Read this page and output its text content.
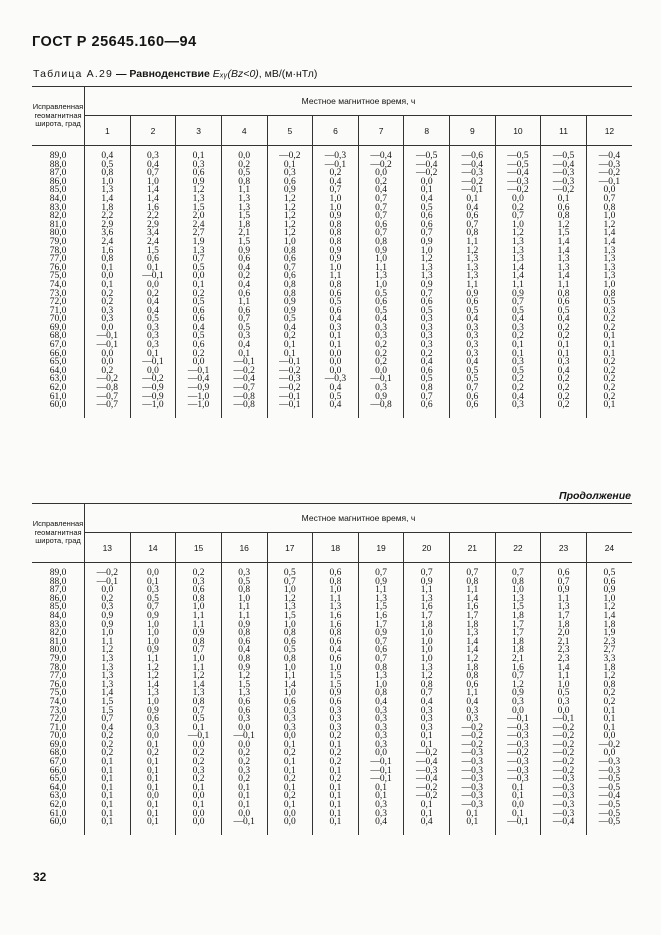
ГОСТ Р 25645.160—94
Таблица А.29 — Равноденствие Eₓᵧ(Bz<0), мВ/(м·нТл)
Исправленная геомагнитная широта, град	Местное магнитное время, ч											
	1	2	3	4	5	6	7	8	9	10	11	12
89,0	0,4	0,3	0,1	0,0	—0,2	—0,3	—0,4	—0,5	—0,6	—0,5	—0,5	—0,4
88,0	0,5	0,4	0,3	0,2	0,1	—0,1	—0,2	—0,4	—0,4	—0,5	—0,4	—0,3
87,0	0,8	0,7	0,6	0,5	0,3	0,2	0,0	—0,2	—0,3	—0,4	—0,3	—0,2
86,0	1,0	1,0	0,9	0,8	0,6	0,4	0,2	0,0	—0,2	—0,3	—0,3	—0,1
85,0	1,3	1,4	1,2	1,1	0,9	0,7	0,4	0,1	—0,1	—0,2	—0,2	0,0
84,0	1,4	1,4	1,3	1,3	1,2	1,0	0,7	0,4	0,1	0,0	0,1	0,7
83,0	1,8	1,6	1,5	1,3	1,2	1,0	0,7	0,5	0,4	0,2	0,6	0,8
82,0	2,2	2,2	2,0	1,5	1,2	0,9	0,7	0,6	0,6	0,7	0,8	1,0
81,0	2,9	2,9	2,4	1,8	1,2	0,8	0,6	0,6	0,7	1,0	1,2	1,2
80,0	3,6	3,4	2,7	2,1	1,2	0,8	0,7	0,7	0,8	1,2	1,5	1,4
79,0	2,4	2,4	1,9	1,5	1,0	0,8	0,8	0,9	1,1	1,3	1,4	1,4
78,0	1,6	1,5	1,3	0,9	0,8	0,9	0,9	1,0	1,2	1,3	1,4	1,3
77,0	0,8	0,6	0,7	0,6	0,6	0,9	1,0	1,2	1,3	1,3	1,3	1,3
76,0	0,1	0,1	0,5	0,4	0,7	1,0	1,1	1,3	1,3	1,4	1,3	1,3
75,0	0,0	—0,1	0,0	0,2	0,6	1,1	1,3	1,3	1,3	1,4	1,4	1,3
74,0	0,1	0,0	0,1	0,4	0,8	0,8	1,0	0,9	1,1	1,1	1,1	1,0
73,0	0,2	0,2	0,2	0,6	0,8	0,6	0,5	0,7	0,9	0,9	0,8	0,8
72,0	0,2	0,4	0,5	1,1	0,9	0,5	0,6	0,6	0,6	0,7	0,6	0,5
71,0	0,3	0,4	0,6	0,6	0,9	0,6	0,5	0,5	0,5	0,5	0,5	0,3
70,0	0,3	0,5	0,6	0,7	0,5	0,4	0,4	0,3	0,4	0,4	0,4	0,2
69,0	0,0	0,3	0,4	0,5	0,4	0,3	0,3	0,3	0,3	0,3	0,2	0,2
68,0	—0,1	0,3	0,5	0,3	0,2	0,1	0,3	0,3	0,3	0,2	0,2	0,1
67,0	—0,1	0,3	0,6	0,4	0,1	0,1	0,2	0,3	0,3	0,1	0,1	0,1
66,0	0,0	0,1	0,2	0,1	0,1	0,0	0,2	0,2	0,3	0,1	0,1	0,1
65,0	0,0	—0,1	0,0	—0,1	—0,1	0,0	0,2	0,4	0,4	0,3	0,3	0,2
64,0	0,2	0,0	—0,1	—0,2	—0,2	0,0	0,0	0,6	0,5	0,5	0,4	0,2
63,0	—0,2	—0,2	—0,4	—0,4	—0,3	—0,3	—0,1	0,5	0,5	0,2	0,2	0,2
62,0	—0,8	—0,9	—0,9	—0,7	—0,2	0,4	0,3	0,8	0,7	0,2	0,2	0,2
61,0	—0,7	—0,9	—1,0	—0,8	—0,1	0,5	0,9	0,7	0,6	0,4	0,2	0,2
60,0	—0,7	—1,0	—1,0	—0,8	—0,1	0,4	—0,8	0,6	0,6	0,3	0,2	0,1
Продолжение
Исправленная геомагнитная широта, град	Местное магнитное время, ч											
	13	14	15	16	17	18	19	20	21	22	23	24
89,0	—0,2	0,0	0,2	0,3	0,5	0,6	0,7	0,7	0,7	0,7	0,6	0,5
88,0	—0,1	0,1	0,3	0,5	0,7	0,8	0,9	0,9	0,8	0,8	0,7	0,6
87,0	0,0	0,3	0,6	0,8	1,0	1,0	1,1	1,1	1,1	1,0	0,9	0,9
86,0	0,2	0,5	0,8	1,0	1,2	1,1	1,3	1,3	1,4	1,3	1,1	1,0
85,0	0,3	0,7	1,0	1,1	1,3	1,3	1,5	1,6	1,6	1,5	1,3	1,2
84,0	0,9	0,9	1,1	1,1	1,5	1,6	1,6	1,7	1,7	1,8	1,7	1,4
83,0	0,9	1,0	1,1	0,9	1,0	1,6	1,7	1,8	1,8	1,7	1,8	1,8
82,0	1,0	1,0	0,9	0,8	0,8	0,8	0,9	1,0	1,3	1,7	2,0	1,9
81,0	1,1	1,0	0,8	0,6	0,6	0,6	0,7	1,0	1,4	1,8	2,1	2,3
80,0	1,2	0,9	0,7	0,4	0,5	0,4	0,6	1,0	1,4	1,8	2,3	2,7
79,0	1,3	1,1	1,0	0,8	0,8	0,6	0,7	1,0	1,2	2,1	2,3	3,3
78,0	1,3	1,2	1,1	0,9	1,0	1,0	0,8	1,3	1,8	1,6	1,4	1,8
77,0	1,3	1,2	1,2	1,2	1,1	1,5	1,3	1,2	0,8	0,7	1,1	1,2
76,0	1,3	1,4	1,4	1,5	1,4	1,5	1,0	0,8	0,6	1,2	1,0	0,8
75,0	1,4	1,3	1,3	1,3	1,0	0,9	0,8	0,7	1,1	0,9	0,5	0,2
74,0	1,5	1,0	0,8	0,6	0,6	0,6	0,4	0,4	0,4	0,3	0,3	0,2
73,0	1,5	0,9	0,7	0,6	0,3	0,3	0,3	0,3	0,3	0,0	0,0	0,1
72,0	0,7	0,6	0,5	0,3	0,3	0,3	0,3	0,3	0,3	—0,1	—0,1	0,1
71,0	0,4	0,3	0,1	0,0	0,3	0,3	0,3	0,3	—0,2	—0,3	—0,2	0,1
70,0	0,2	0,0	—0,1	—0,1	0,0	0,2	0,3	0,1	—0,2	—0,3	—0,2	0,0
69,0	0,2	0,1	0,0	0,0	0,1	0,1	0,3	0,1	—0,2	—0,3	—0,2	—0,2
68,0	0,2	0,2	0,2	0,2	0,2	0,2	0,0	—0,2	—0,3	—0,2	—0,2	0,0
67,0	0,1	0,1	0,2	0,2	0,1	0,2	—0,1	—0,4	—0,3	—0,3	—0,2	—0,3
66,0	0,1	0,1	0,3	0,3	0,1	0,1	—0,1	—0,3	—0,3	—0,3	—0,2	—0,3
65,0	0,1	0,1	0,2	0,2	0,2	0,2	—0,1	—0,4	—0,3	—0,3	—0,3	—0,5
64,0	0,1	0,1	0,1	0,1	0,1	0,1	0,1	—0,2	—0,3	0,1	—0,3	—0,5
63,0	0,1	0,0	0,0	0,1	0,2	0,1	0,1	—0,2	—0,3	0,1	—0,3	—0,4
62,0	0,1	0,1	0,1	0,1	0,1	0,1	0,3	0,1	—0,3	0,0	—0,3	—0,5
61,0	0,1	0,1	0,0	0,0	0,0	0,1	0,3	0,1	0,1	0,1	—0,3	—0,5
60,0	0,1	0,1	0,0	—0,1	0,0	0,1	0,4	0,4	0,1	—0,1	—0,4	—0,5
32
